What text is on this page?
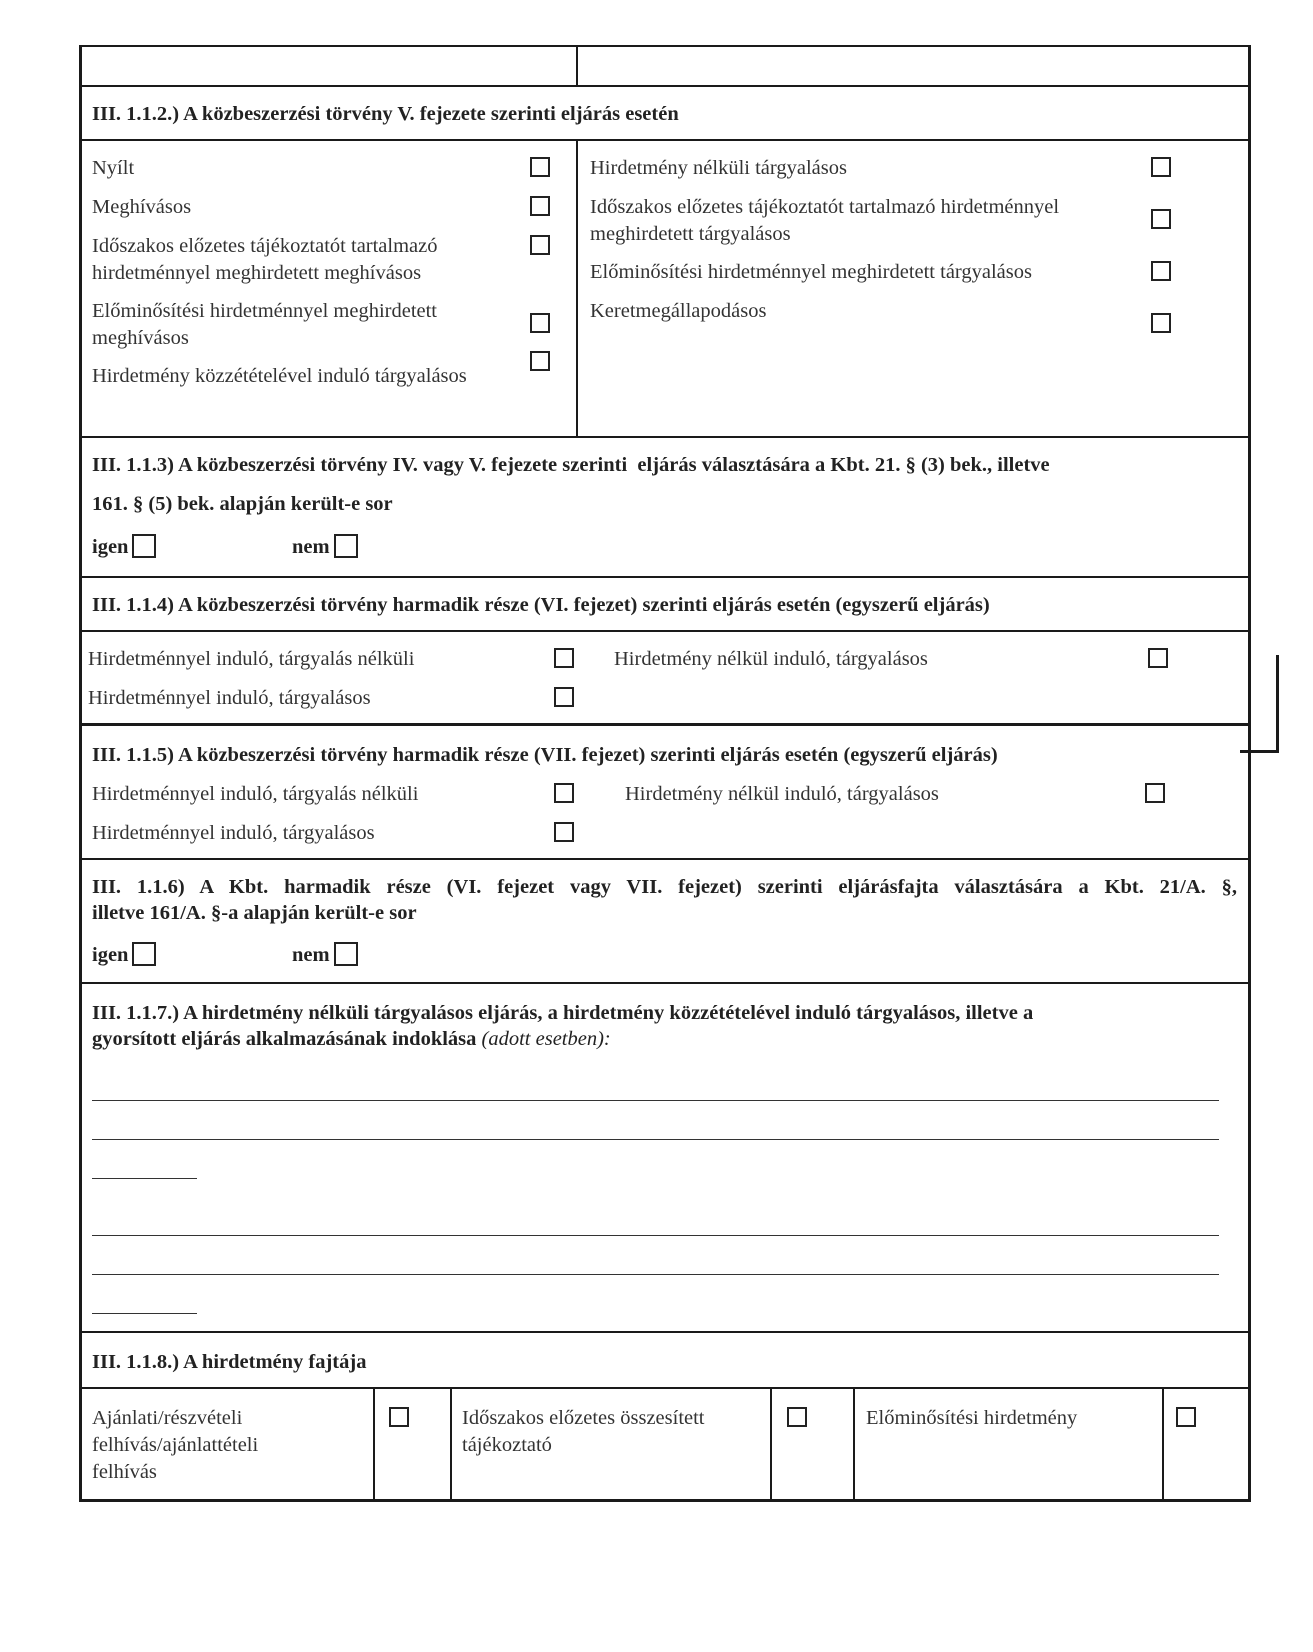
III. 1.1.2.) A közbeszerzési törvény V. fejezete szerinti eljárás esetén
Nyílt
Meghívásos
Időszakos előzetes tájékoztatót tartalmazó hirdetménnyel meghirdetett meghívásos
Előminősítési hirdetménnyel meghirdetett meghívásos
Hirdetmény közzétételével induló tárgyalásos
Hirdetmény nélküli tárgyalásos
Időszakos előzetes tájékoztatót tartalmazó hirdetménnyel meghirdetett tárgyalásos
Előminősítési hirdetménnyel meghirdetett tárgyalásos
Keretmegállapodásos
III. 1.1.3) A közbeszerzési törvény IV. vagy V. fejezete szerinti  eljárás választására a Kbt. 21. § (3) bek., illetve
161. § (5) bek. alapján került-e sor
igen	nem
III. 1.1.4) A közbeszerzési törvény harmadik része (VI. fejezet) szerinti eljárás esetén (egyszerű eljárás)
Hirdetménnyel induló, tárgyalás nélküli
Hirdetménnyel induló, tárgyalásos
Hirdetmény nélkül induló, tárgyalásos
III. 1.1.5) A közbeszerzési törvény harmadik része (VII. fejezet) szerinti eljárás esetén (egyszerű eljárás)
Hirdetménnyel induló, tárgyalás nélküli
Hirdetménnyel induló, tárgyalásos
Hirdetmény nélkül induló, tárgyalásos
III. 1.1.6) A Kbt. harmadik része (VI. fejezet vagy VII. fejezet) szerinti eljárásfajta választására a Kbt. 21/A. §,
illetve 161/A. §-a alapján került-e sor
igen	nem
III. 1.1.7.) A hirdetmény nélküli tárgyalásos eljárás, a hirdetmény közzétételével induló tárgyalásos, illetve a
gyorsított eljárás alkalmazásának indoklása (adott esetben):
III. 1.1.8.) A hirdetmény fajtája
Ajánlati/részvételi felhívás/ajánlattételi felhívás
Időszakos előzetes összesített tájékoztató
Előminősítési hirdetmény
